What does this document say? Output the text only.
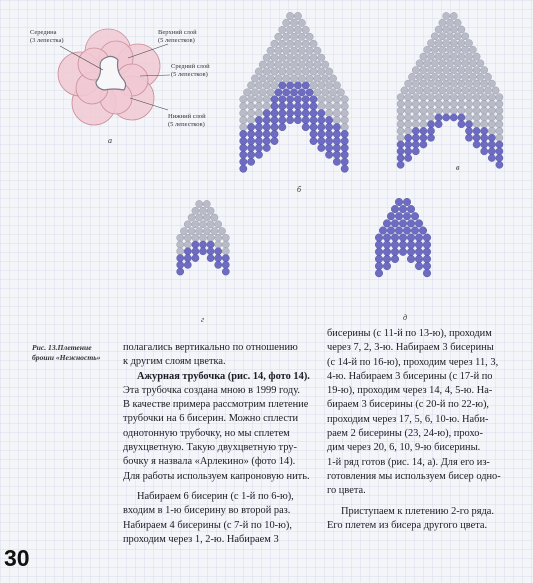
Середина
(3 лепестка)
Верхний слой
(5 лепестков)
Средний слой
(5 лепестков)
Нижний слой
(5 лепестков)
а
б
в
г	д
Рис. 13.Плетение
броши «Нежность»
полагались вертикально по отношению
к другим слоям цветка.
Ажурная трубочка (рис. 14, фото 14).
Эта трубочка создана мною в 1999 году.
В качестве примера рассмотрим плетение
трубочки на 6 бисерин. Можно сплести
однотонную трубочку, но мы сплетем
двухцветную. Такую двухцветную тру-
бочку я назвала «Арлекино» (фото 14).
Для работы используем капроновую нить.
Набираем 6 бисерин (с 1-й по 6-ю),
входим в 1-ю бисерину во второй раз.
Набираем 4 бисерины (с 7-й по 10-ю),
проходим через 1, 2-ю. Набираем 3
бисерины (с 11-й по 13-ю), проходим
через 7, 2, 3-ю. Набираем 3 бисерины
(с 14-й по 16-ю), проходим через 11, 3,
4-ю. Набираем 3 бисерины (с 17-й по
19-ю), проходим через 14, 4, 5-ю. На-
бираем 3 бисерины (с 20-й по 22-ю),
проходим через 17, 5, 6, 10-ю. Наби-
раем 2 бисерины (23, 24-ю), прохо-
дим через 20, 6, 10, 9-ю бисерины.
1-й ряд готов (рис. 14, а). Для его из-
готовления мы используем бисер одно-
го цвета.
Приступаем к плетению 2-го ряда.
Его плетем из бисера другого цвета.
30
